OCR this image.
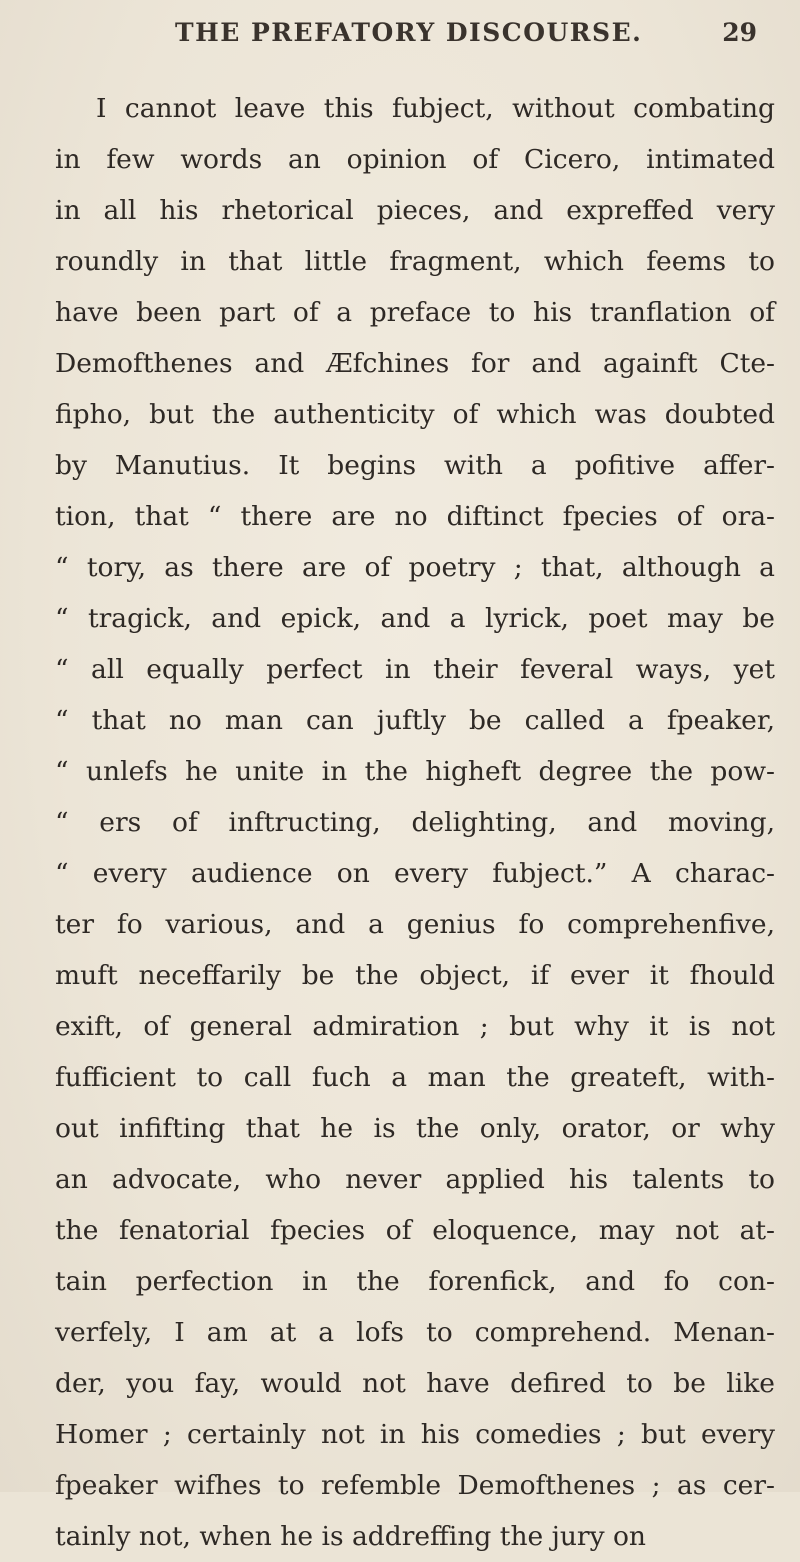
THE PREFATORY DISCOURSE.	29
I cannot leave this fubject, without combating
in few words an opinion of Cicero, intimated
in all his rhetorical pieces, and expreffed very
roundly in that little fragment, which feems to
have been part of a preface to his tranflation of
Demofthenes and Æfchines for and againft Cte-
fipho, but the authenticity of which was doubted
by Manutius. It begins with a pofitive affer-
tion, that “ there are no diftinct fpecies of ora-
“ tory, as there are of poetry ; that, although a
“ tragick, and epick, and a lyrick, poet may be
“ all equally perfect in their feveral ways, yet
“ that no man can juftly be called a fpeaker,
“ unlefs he unite in the higheft degree the pow-
“ ers of inftructing, delighting, and moving,
“ every audience on every fubject.” A charac-
ter fo various, and a genius fo comprehenfive,
muft neceffarily be the object, if ever it fhould
exift, of general admiration ; but why it is not
fufficient to call fuch a man the greateft, with-
out infifting that he is the only, orator, or why
an advocate, who never applied his talents to
the fenatorial fpecies of eloquence, may not at-
tain perfection in the forenfick, and fo con-
verfely, I am at a lofs to comprehend. Menan-
der, you fay, would not have defired to be like
Homer ; certainly not in his comedies ; but every
fpeaker wifhes to refemble Demofthenes ; as cer-
tainly not, when he is addreffing the jury on
